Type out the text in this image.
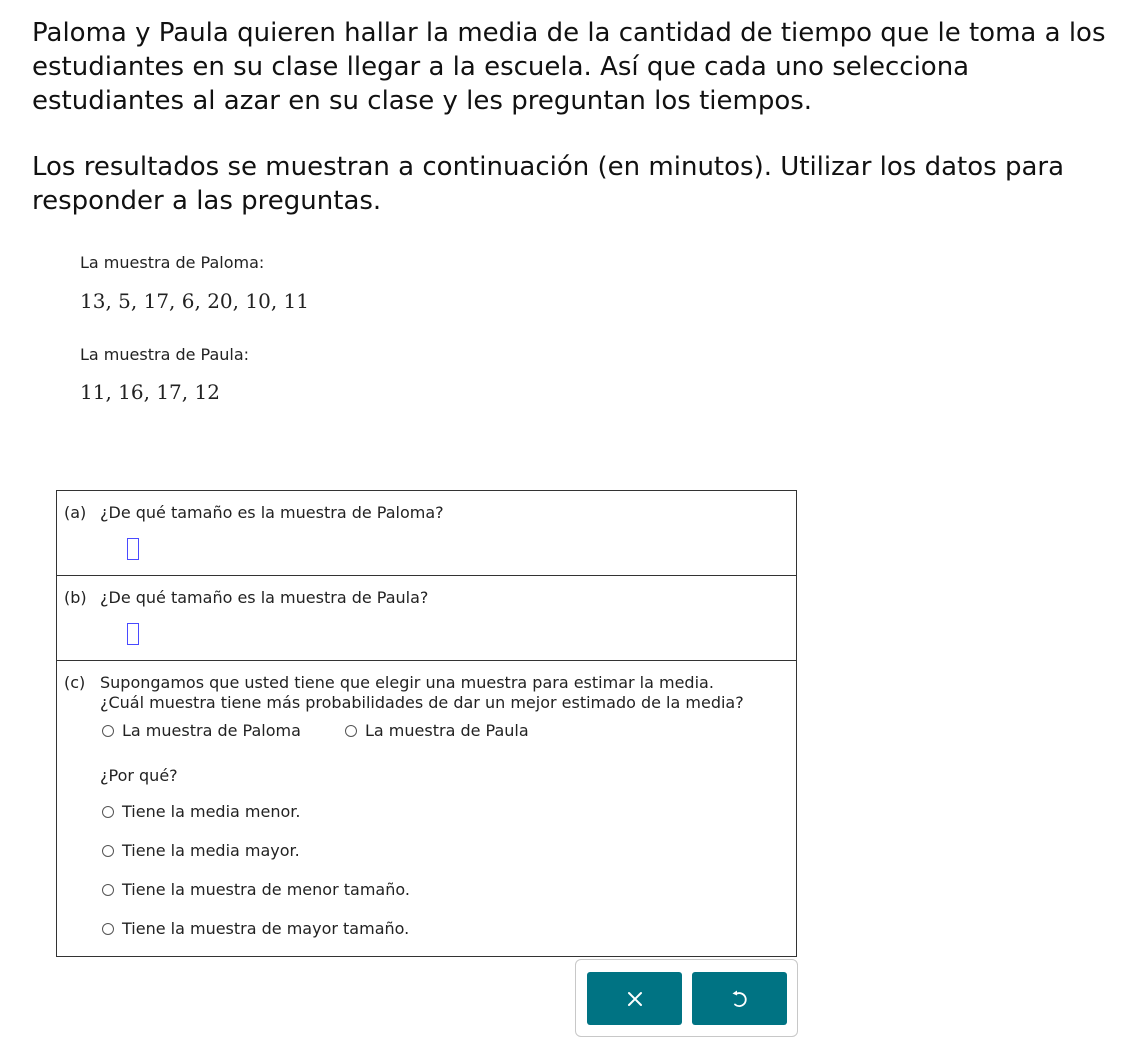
Paloma y Paula quieren hallar la media de la cantidad de tiempo que le toma a los estudiantes en su clase llegar a la escuela. Así que cada uno selecciona estudiantes al azar en su clase y les preguntan los tiempos.

Los resultados se muestran a continuación (en minutos). Utilizar los datos para responder a las preguntas.

La muestra de Paloma:
13, 5, 17, 6, 20, 10, 11
La muestra de Paula:
11, 16, 17, 12
(a) ¿De qué tamaño es la muestra de Paloma?
(b) ¿De qué tamaño es la muestra de Paula?
(c) Supongamos que usted tiene que elegir una muestra para estimar la media.
¿Cuál muestra tiene más probabilidades de dar un mejor estimado de la media?
La muestra de Paloma	La muestra de Paula
¿Por qué?
Tiene la media menor.
Tiene la media mayor.
Tiene la muestra de menor tamaño.
Tiene la muestra de mayor tamaño.
